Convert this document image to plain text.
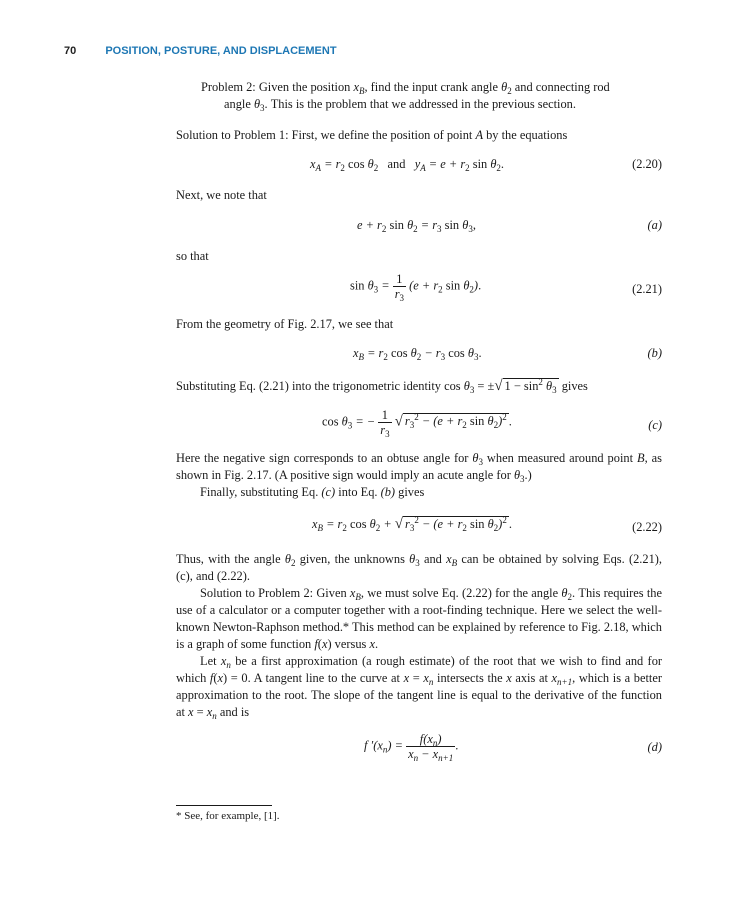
70	POSITION, POSTURE, AND DISPLACEMENT
Problem 2: Given the position $x_B$, find the input crank angle $\theta_2$ and connecting rod
angle $\theta_3$. This is the problem that we addressed in the previous section.
Solution to Problem 1: First, we define the position of point A by the equations
$x_A = r_2$ $\cos \theta_2$ and   $y_A = e + r_2$ $\sin \theta_2$.	(2.20)
Next, we note that
$e + r_2$ $\sin \theta_2 = r_3$ $\sin \theta_3$,	(a)
so that
$\sin \theta_3 = \frac{1}{r_3} (e + r_2$ $\sin \theta_2$).	(2.21)
From the geometry of Fig. 2.17, we see that
$x_B = r_2$ $\cos \theta_2 - r_3$ $\cos \theta_3$.	(b)
Substituting Eq. (2.21) into the trigonometric identity $\cos \theta_3$ = ±√ $1 - \sin^2 \theta_3$ gives
$\cos \theta_3$ = − $\frac{1}{r_3}$ √ $r_3^2 - (e + r_2$ $\sin \theta_2)^2$ .	(c)
Here the negative sign corresponds to an obtuse angle for $\theta_3$ when measured around point B, as shown in Fig. 2.17. (A positive sign would imply an acute angle for $\theta_3$.)
Finally, substituting Eq. (c) into Eq. (b) gives
$x_B = r_2$ $\cos \theta_2$ + √ $r_3^2 - (e + r_2$ $\sin \theta_2)^2$ .	(2.22)
Thus, with the angle $\theta_2$ given, the unknowns $\theta_3$ and $x_B$ can be obtained by solving Eqs. (2.21), (c), and (2.22).
Solution to Problem 2: Given $x_B$, we must solve Eq. (2.22) for the angle $\theta_2$. This requires the use of a calculator or a computer together with a root-finding technique. Here we select the well-known Newton-Raphson method.* This method can be explained by reference to Fig. 2.18, which is a graph of some function f(x) versus x.
Let $x_n$ be a first approximation (a rough estimate) of the root that we wish to find and for which f(x) = 0. A tangent line to the curve at $x = x_n$ intersects the x axis at $x_{n+1}$, which is a better approximation to the root. The slope of the tangent line is equal to the derivative of the function at $x = x_n$ and is
f $'(x_n) = \frac{f(x_n)}{x_n - x_{n+1}}$ .	(d)
* See, for example, [1].
